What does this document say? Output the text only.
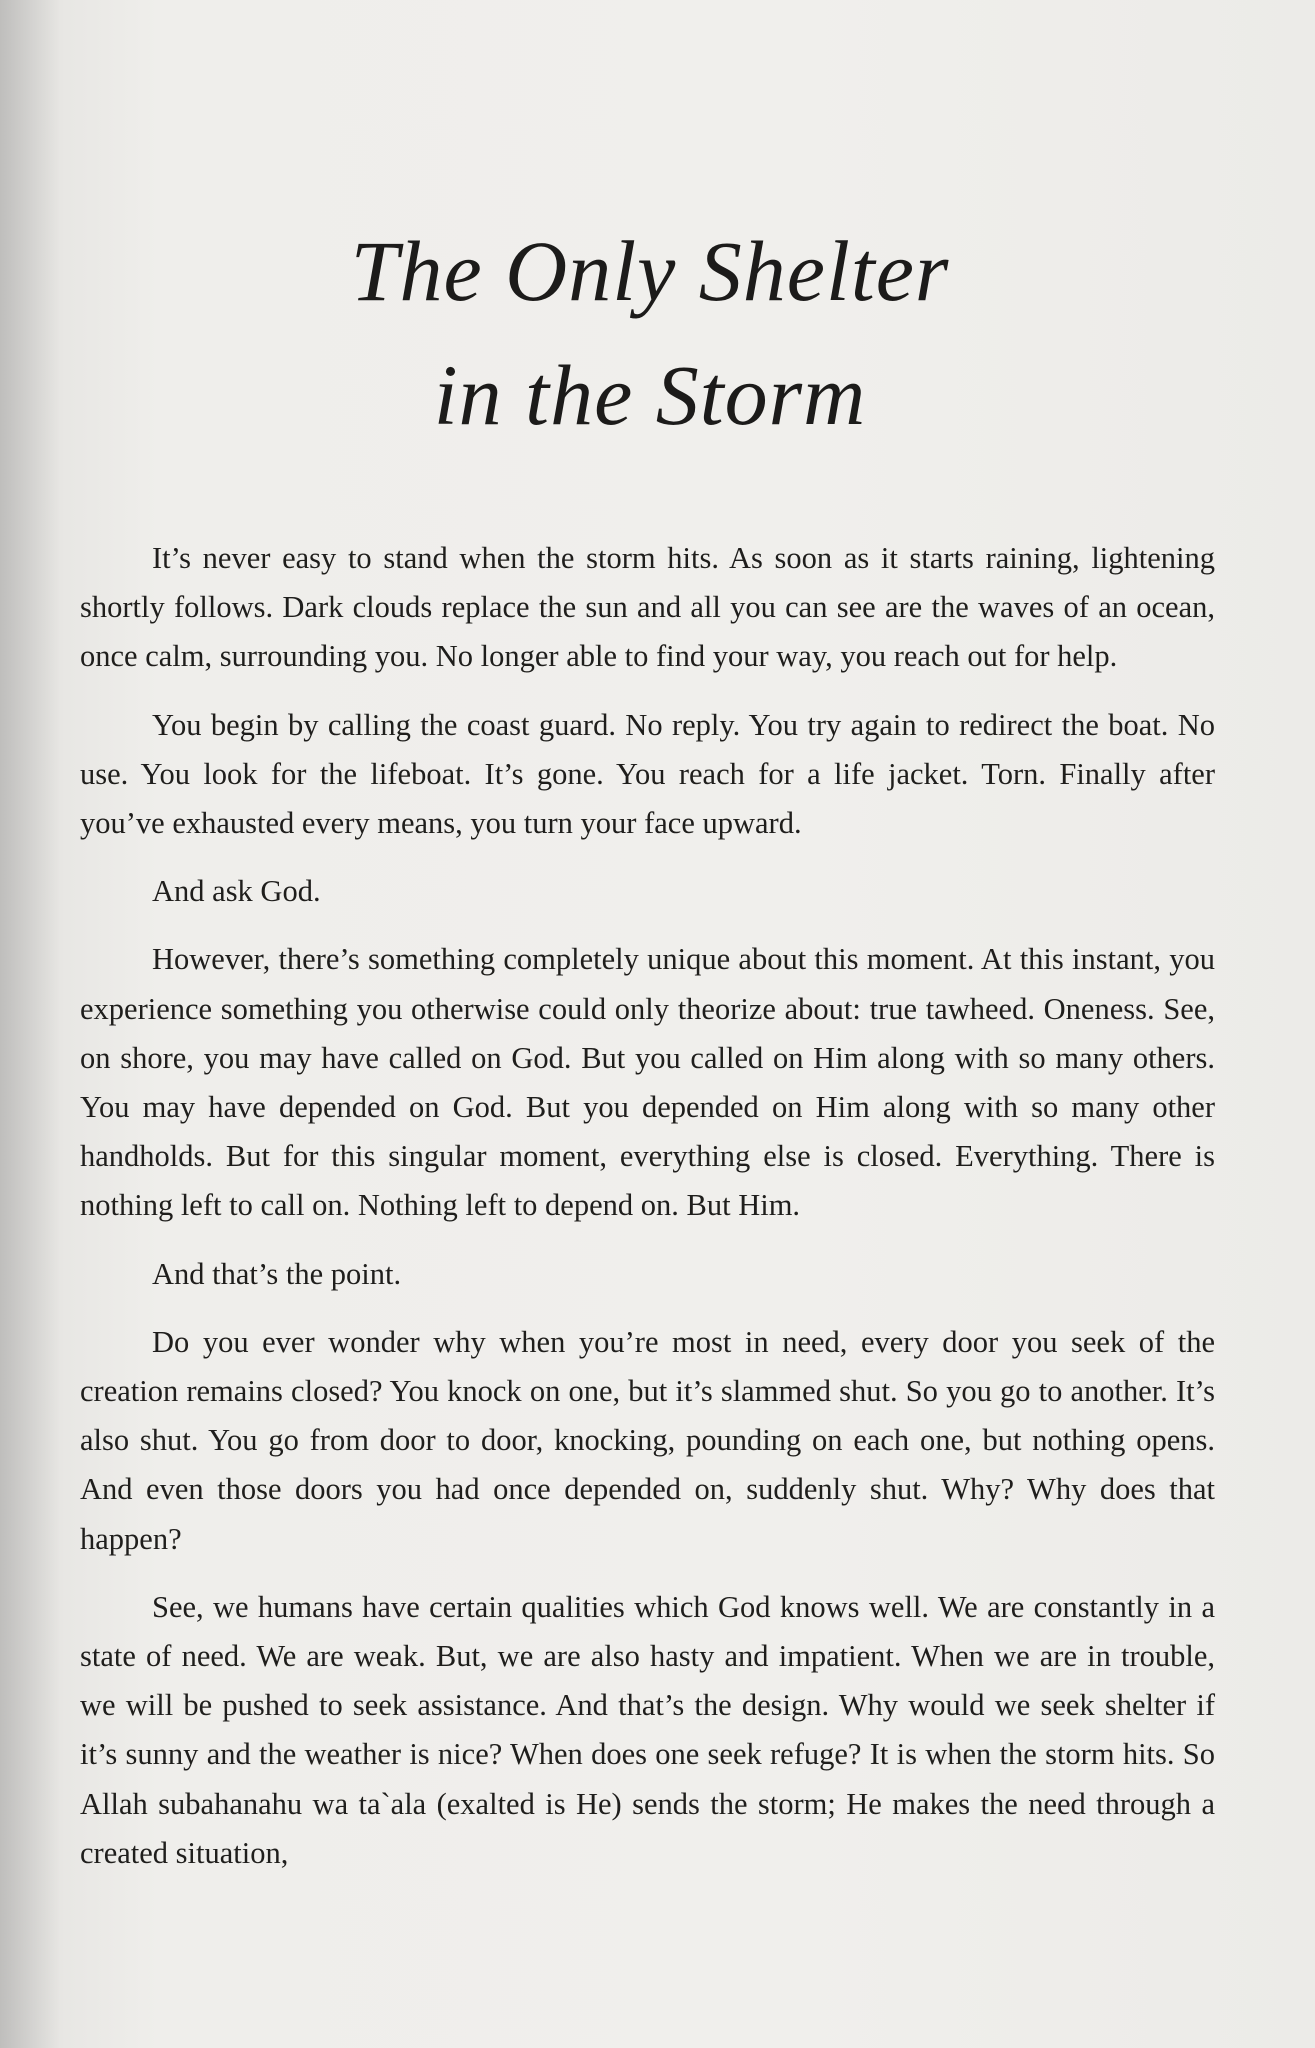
The Only Shelter
in the Storm

It’s never easy to stand when the storm hits. As soon as it starts raining, lightening shortly follows. Dark clouds replace the sun and all you can see are the waves of an ocean, once calm, surrounding you. No longer able to find your way, you reach out for help.

You begin by calling the coast guard. No reply. You try again to redirect the boat. No use. You look for the lifeboat. It’s gone. You reach for a life jacket. Torn. Finally after you’ve exhausted every means, you turn your face upward.

And ask God.

However, there’s something completely unique about this moment. At this instant, you experience something you otherwise could only theorize about: true tawheed. Oneness. See, on shore, you may have called on God. But you called on Him along with so many others. You may have depended on God. But you depended on Him along with so many other handholds. But for this singular moment, everything else is closed. Everything. There is nothing left to call on. Nothing left to depend on. But Him.

And that’s the point.

Do you ever wonder why when you’re most in need, every door you seek of the creation remains closed? You knock on one, but it’s slammed shut. So you go to another. It’s also shut. You go from door to door, knocking, pounding on each one, but nothing opens. And even those doors you had once depended on, suddenly shut. Why? Why does that happen?

See, we humans have certain qualities which God knows well. We are constantly in a state of need. We are weak. But, we are also hasty and impatient. When we are in trouble, we will be pushed to seek assistance. And that’s the design. Why would we seek shelter if it’s sunny and the weather is nice? When does one seek refuge? It is when the storm hits. So Allah subahanahu wa ta`ala (exalted is He) sends the storm; He makes the need through a created situation,
